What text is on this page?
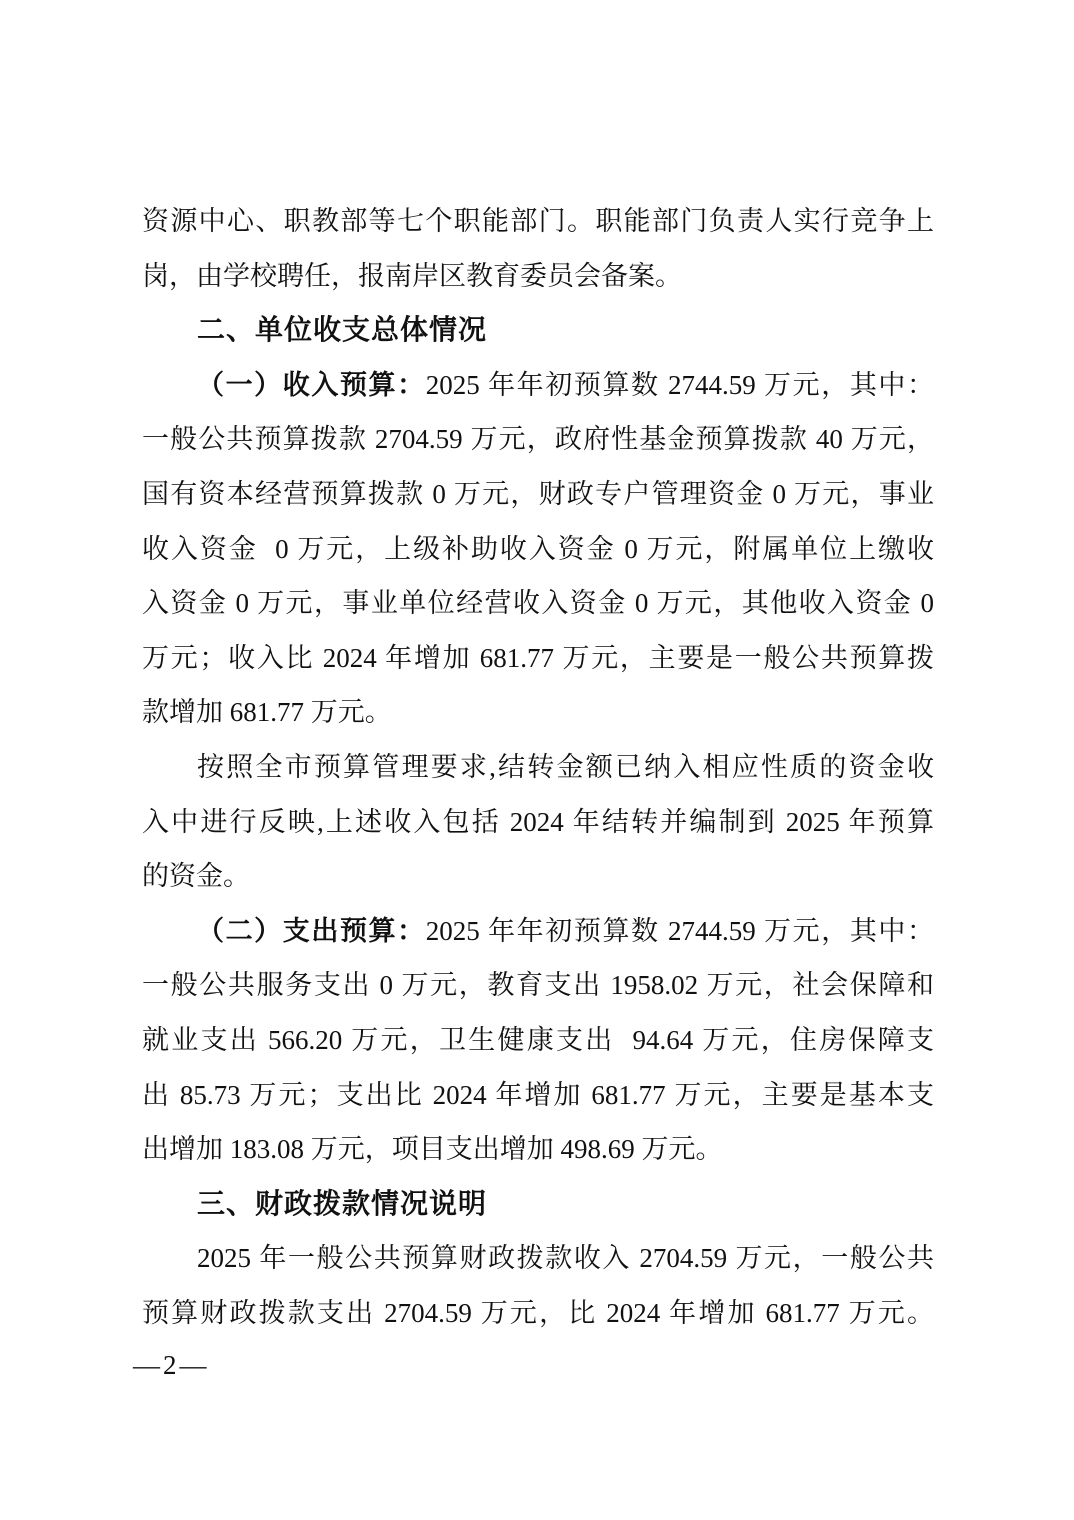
资源中心、职教部等七个职能部门。职能部门负责人实行竞争上
岗，由学校聘任，报南岸区教育委员会备案。
二、单位收支总体情况
（一）收入预算：2025 年年初预算数 2744.59 万元，其中：
一般公共预算拨款 2704.59 万元，政府性基金预算拨款 40 万元，
国有资本经营预算拨款 0 万元，财政专户管理资金 0 万元，事业
收入资金  0 万元，上级补助收入资金 0 万元，附属单位上缴收
入资金 0 万元，事业单位经营收入资金 0 万元，其他收入资金 0
万元；收入比 2024 年增加 681.77 万元，主要是一般公共预算拨
款增加 681.77 万元。
按照全市预算管理要求,结转金额已纳入相应性质的资金收
入中进行反映,上述收入包括 2024 年结转并编制到 2025 年预算
的资金。
（二）支出预算：2025 年年初预算数 2744.59 万元，其中：
一般公共服务支出 0 万元，教育支出 1958.02 万元，社会保障和
就业支出 566.20 万元，卫生健康支出  94.64 万元，住房保障支
出 85.73 万元；支出比 2024 年增加 681.77 万元，主要是基本支
出增加 183.08 万元，项目支出增加 498.69 万元。
三、财政拨款情况说明
2025 年一般公共预算财政拨款收入 2704.59 万元，一般公共
预算财政拨款支出 2704.59 万元，比 2024 年增加 681.77 万元。
—2—
